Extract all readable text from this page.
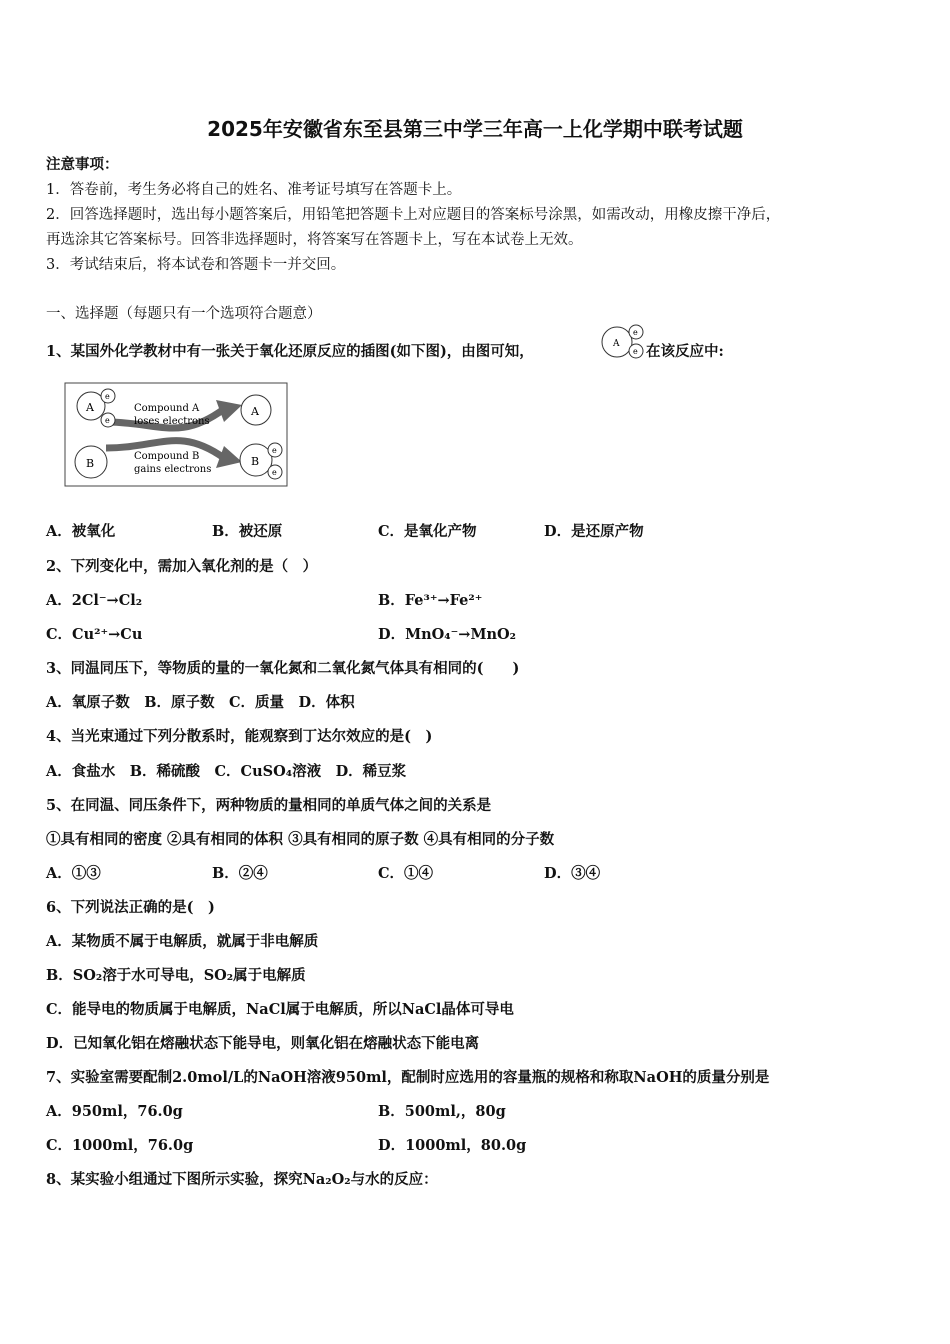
2025年安徽省东至县第三中学三年高一上化学期中联考试题
注意事项：
1．答卷前，考生务必将自己的姓名、准考证号填写在答题卡上。
2．回答选择题时，选出每小题答案后，用铅笔把答题卡上对应题目的答案标号涂黑，如需改动，用橡皮擦干净后，
再选涂其它答案标号。回答非选择题时，将答案写在答题卡上，写在本试卷上无效。
3．考试结束后，将本试卷和答题卡一并交回。
一、选择题（每题只有一个选项符合题意）
1、某国外化学教材中有一张关于氧化还原反应的插图(如下图)，由图可知，	A
e
e 在该反应中:
A
e
e
B
A
B
e
e
Compound A
loses electrons
Compound B
gains electrons
A．被氧化	B．被还原	C．是氧化产物	D．是还原产物
2、下列变化中，需加入氧化剂的是（　）
A．2Cl⁻→Cl₂	B．Fe³⁺→Fe²⁺
C．Cu²⁺→Cu	D．MnO₄⁻→MnO₂
3、同温同压下，等物质的量的一氧化氮和二氧化氮气体具有相同的(　　)
A．氧原子数　B．原子数　C．质量　D．体积
4、当光束通过下列分散系时，能观察到丁达尔效应的是(　)
A．食盐水　B．稀硫酸　C．CuSO₄溶液　D．稀豆浆
5、在同温、同压条件下，两种物质的量相同的单质气体之间的关系是
①具有相同的密度 ②具有相同的体积 ③具有相同的原子数 ④具有相同的分子数
A．①③	B．②④	C．①④	D．③④
6、下列说法正确的是(　)
A．某物质不属于电解质，就属于非电解质
B．SO₂溶于水可导电，SO₂属于电解质
C．能导电的物质属于电解质，NaCl属于电解质，所以NaCl晶体可导电
D．已知氧化铝在熔融状态下能导电，则氧化铝在熔融状态下能电离
7、实验室需要配制2.0mol/L的NaOH溶液950ml，配制时应选用的容量瓶的规格和称取NaOH的质量分别是
A．950ml，76.0g	B．500ml,，80g
C．1000ml，76.0g	D．1000ml，80.0g
8、某实验小组通过下图所示实验，探究Na₂O₂与水的反应：
